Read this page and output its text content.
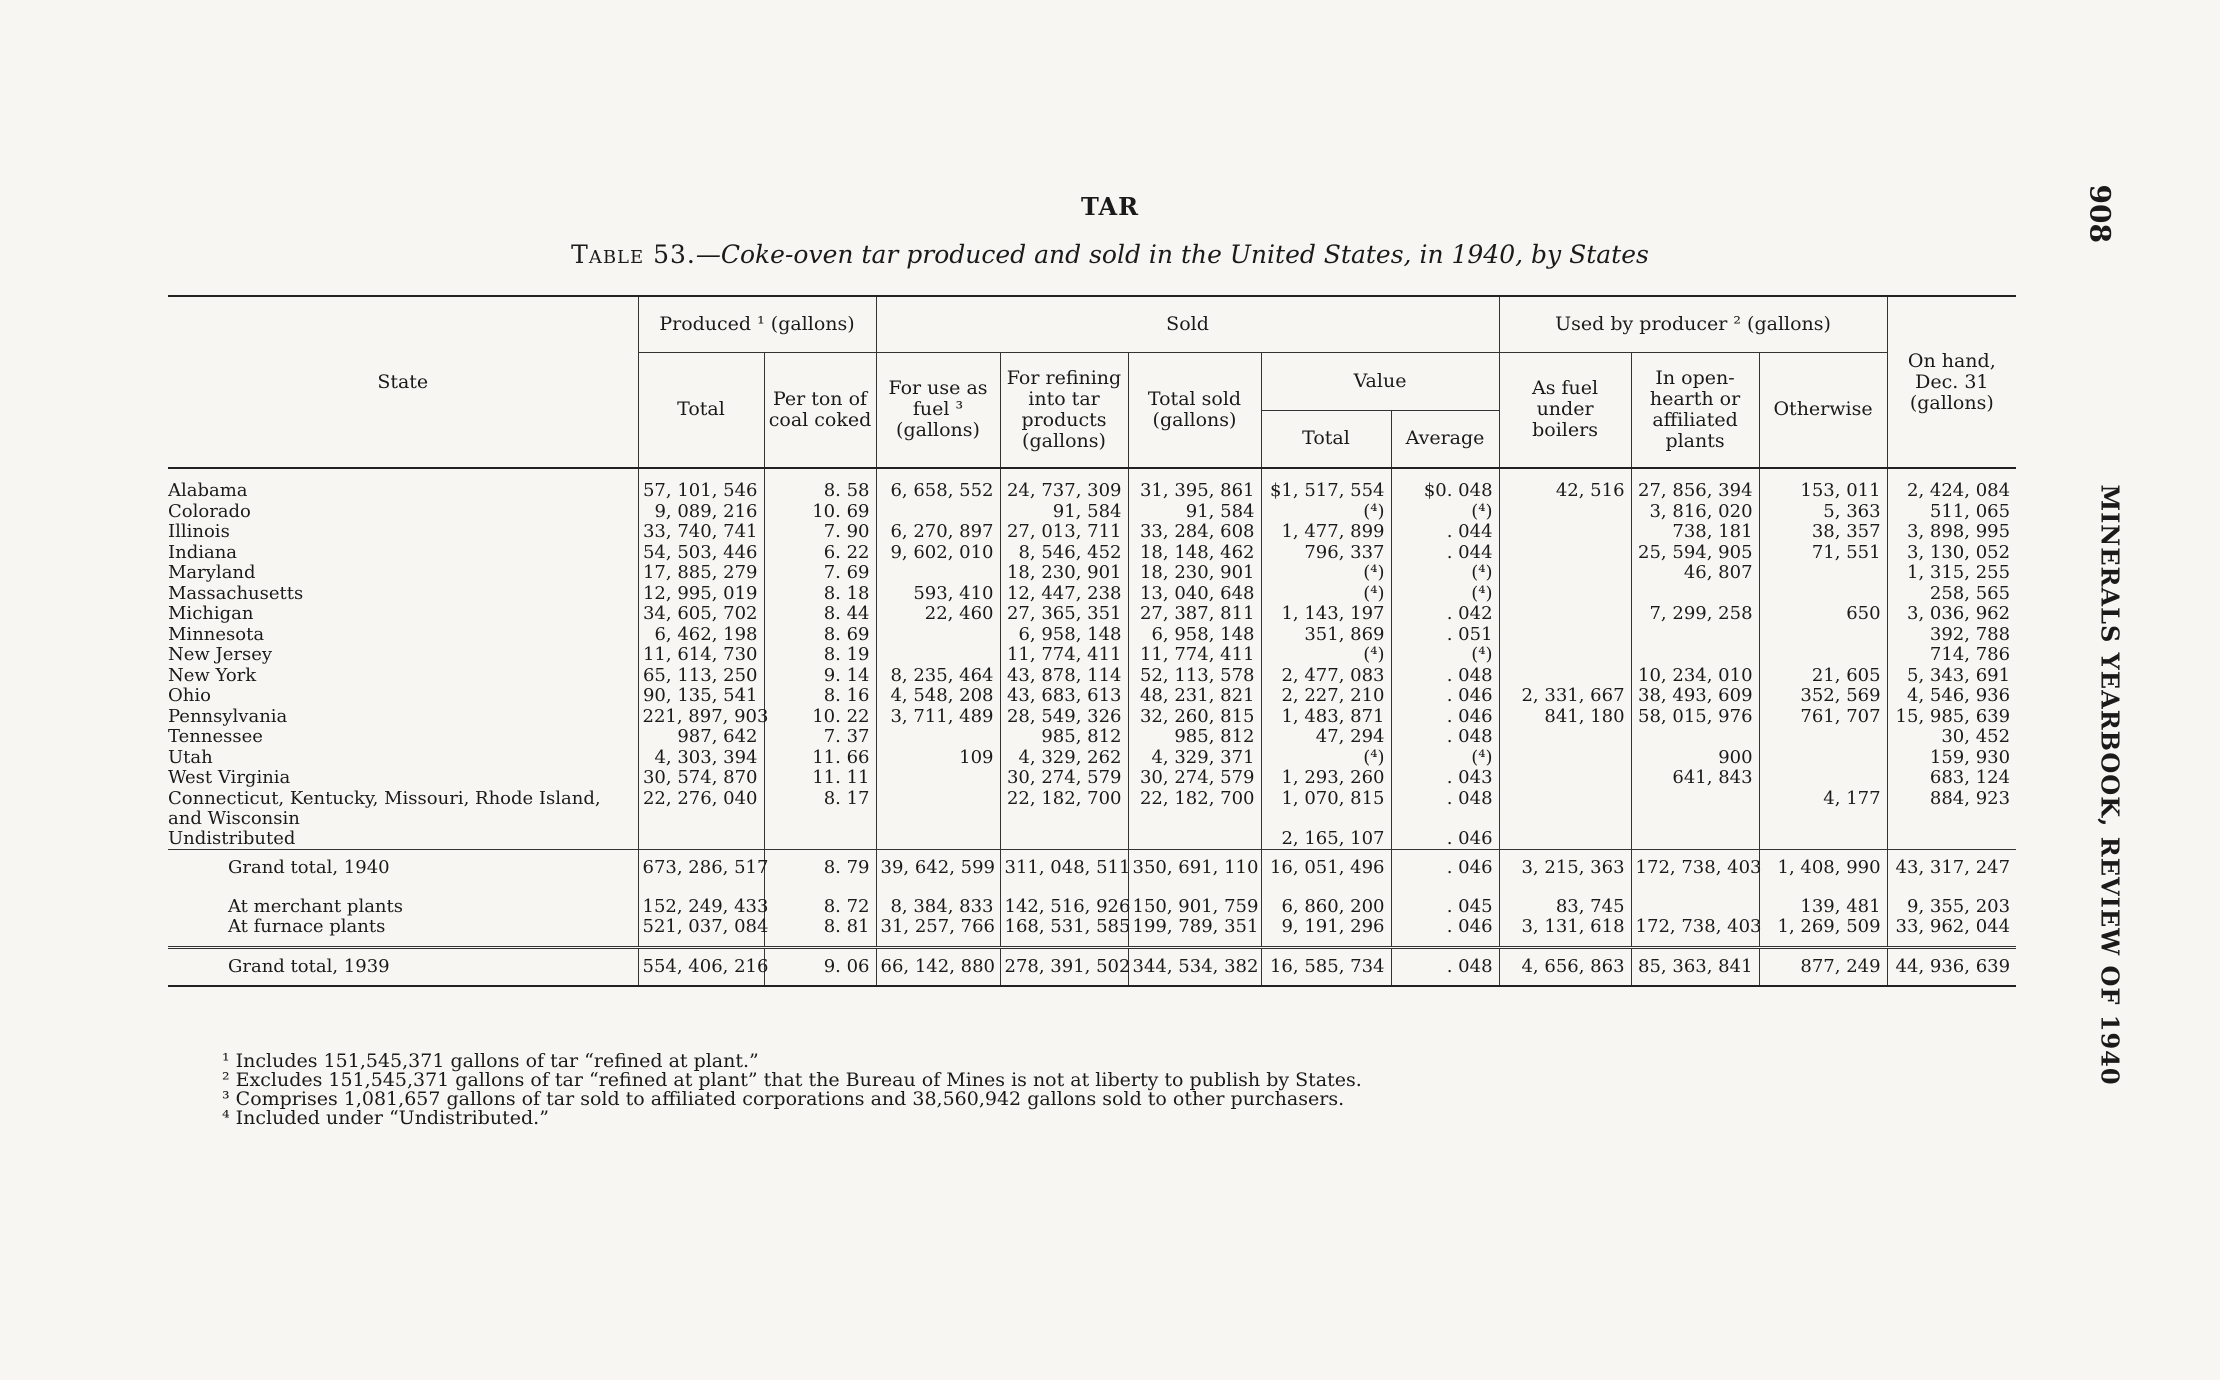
TAR
Table 53.—Coke-oven tar produced and sold in the United States, in 1940, by States
908
MINERALS YEARBOOK, REVIEW OF 1940
State	Produced ¹ (gallons)		Sold					Used by producer ² (gallons)			On hand, Dec. 31 (gallons)
	Total	Per ton of coal coked	For use as fuel ³ (gallons)	For refining into tar products (gallons)	Total sold (gallons)	Value		As fuel under boilers	In open-hearth or affiliated plants	Otherwise	
						Total	Average				
Alabama	57, 101, 546	8. 58	6, 658, 552	24, 737, 309	31, 395, 861	$1, 517, 554	$0. 048	42, 516	27, 856, 394	153, 011	2, 424, 084
Colorado	9, 089, 216	10. 69		91, 584	91, 584	(⁴)	(⁴)		3, 816, 020	5, 363	511, 065
Illinois	33, 740, 741	7. 90	6, 270, 897	27, 013, 711	33, 284, 608	1, 477, 899	. 044		738, 181	38, 357	3, 898, 995
Indiana	54, 503, 446	6. 22	9, 602, 010	8, 546, 452	18, 148, 462	796, 337	. 044		25, 594, 905	71, 551	3, 130, 052
Maryland	17, 885, 279	7. 69		18, 230, 901	18, 230, 901	(⁴)	(⁴)		46, 807		1, 315, 255
Massachusetts	12, 995, 019	8. 18	593, 410	12, 447, 238	13, 040, 648	(⁴)	(⁴)				258, 565
Michigan	34, 605, 702	8. 44	22, 460	27, 365, 351	27, 387, 811	1, 143, 197	. 042		7, 299, 258	650	3, 036, 962
Minnesota	6, 462, 198	8. 69		6, 958, 148	6, 958, 148	351, 869	. 051				392, 788
New Jersey	11, 614, 730	8. 19		11, 774, 411	11, 774, 411	(⁴)	(⁴)				714, 786
New York	65, 113, 250	9. 14	8, 235, 464	43, 878, 114	52, 113, 578	2, 477, 083	. 048		10, 234, 010	21, 605	5, 343, 691
Ohio	90, 135, 541	8. 16	4, 548, 208	43, 683, 613	48, 231, 821	2, 227, 210	. 046	2, 331, 667	38, 493, 609	352, 569	4, 546, 936
Pennsylvania	221, 897, 903	10. 22	3, 711, 489	28, 549, 326	32, 260, 815	1, 483, 871	. 046	841, 180	58, 015, 976	761, 707	15, 985, 639
Tennessee	987, 642	7. 37		985, 812	985, 812	47, 294	. 048				30, 452
Utah	4, 303, 394	11. 66	109	4, 329, 262	4, 329, 371	(⁴)	(⁴)		900		159, 930
West Virginia	30, 574, 870	11. 11		30, 274, 579	30, 274, 579	1, 293, 260	. 043		641, 843		683, 124
Connecticut, Kentucky, Missouri, Rhode Island, and Wisconsin	22, 276, 040	8. 17		22, 182, 700	22, 182, 700	1, 070, 815	. 048			4, 177	884, 923
Undistributed						2, 165, 107	. 046				
Grand total, 1940	673, 286, 517	8. 79	39, 642, 599	311, 048, 511	350, 691, 110	16, 051, 496	. 046	3, 215, 363	172, 738, 403	1, 408, 990	43, 317, 247
At merchant plants	152, 249, 433	8. 72	8, 384, 833	142, 516, 926	150, 901, 759	6, 860, 200	. 045	83, 745		139, 481	9, 355, 203
At furnace plants	521, 037, 084	8. 81	31, 257, 766	168, 531, 585	199, 789, 351	9, 191, 296	. 046	3, 131, 618	172, 738, 403	1, 269, 509	33, 962, 044
Grand total, 1939	554, 406, 216	9. 06	66, 142, 880	278, 391, 502	344, 534, 382	16, 585, 734	. 048	4, 656, 863	85, 363, 841	877, 249	44, 936, 639
¹ Includes 151,545,371 gallons of tar “refined at plant.”
² Excludes 151,545,371 gallons of tar “refined at plant” that the Bureau of Mines is not at liberty to publish by States.
³ Comprises 1,081,657 gallons of tar sold to affiliated corporations and 38,560,942 gallons sold to other purchasers.
⁴ Included under “Undistributed.”
